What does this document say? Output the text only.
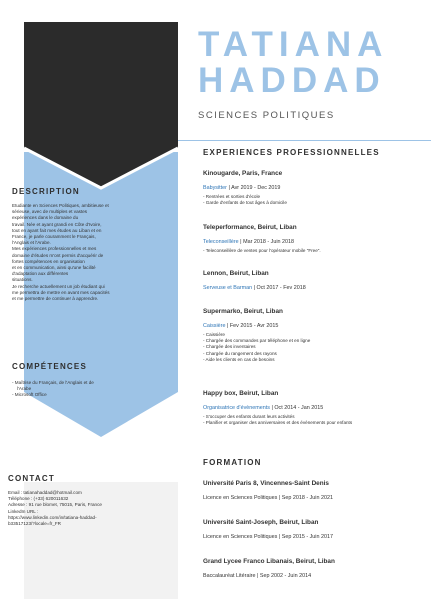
DESCRIPTION
Etudiante en Sciences Politiques, ambitieuse et
sérieuse, avec de multiples et vastes
expériences dans le domaine du
travail. Née et ayant grandi en Côte d'Ivoire,
tout en ayant fait mes études au Liban et en
France, je parle couramment le Français,
l'Anglais et l'Arabe.
Mes expériences professionnelles et mes
domaine d'études m'ont permis d'acquérir de
fortes compétences en organisation
et en communication, ainsi qu'une facilité
d'adaptation aux différentes
situations.
Je recherche actuellement un job étudiant qui
me permettra de mettre en avant mes capacités
et me permettre de continuer à apprendre.
COMPÉTENCES
- Maîtrise du Français, de l'Anglais et de
l'Arabe
- Microsoft Office
CONTACT
Email : tatianahaddad@hotmail.com
Téléphone : (+33) 620011632
Adresse : 91 rue blomet, 75015, Paris, France
LinkedIn URL :
https://www.linkedin.com/in/tatiana-haddad-
b33517123/?locale=fr_FR
TATIANA
HADDAD
SCIENCES POLITIQUES
EXPERIENCES PROFESSIONNELLES
Kinougarde, Paris, France
Babysitter | Avr 2019 - Dec 2019
- Rentrées et sorties d'école
- Garde d'enfants de tout âges à domicile
Teleperformance, Beirut, Liban
Teleconseillère | Mar 2018 - Juin 2018
- Teleconseillère de ventes pour l'opérateur mobile "Free".
Lennon, Beirut, Liban
Serveuse et Barman | Oct 2017 - Fev 2018
Supermarko, Beirut, Liban
Caissière | Fev 2015 - Avr 2015
- Caissière
- Chargée des commandes par téléphone et en ligne
- Chargée des inventaires
- Chargée du rangement des rayons
- Aide les clients en cas de besoins
Happy box, Beirut, Liban
Organisatrice d'évènements | Oct 2014 - Jan 2015
- S'occuper des enfants durant leurs activités
- Planifier et organiser des anniversaires et des évènements pour enfants
FORMATION
Université Paris 8, Vincennes-Saint Denis
Licence en Sciences Politiques | Sep 2018 - Juin 2021
Université Saint-Joseph, Beirut, Liban
Licence en Sciences Politiques | Sep 2015 - Juin 2017
Grand Lycee Franco Libanais, Beirut, Liban
Baccalauréat Litéraire | Sep 2002 - Juin 2014
